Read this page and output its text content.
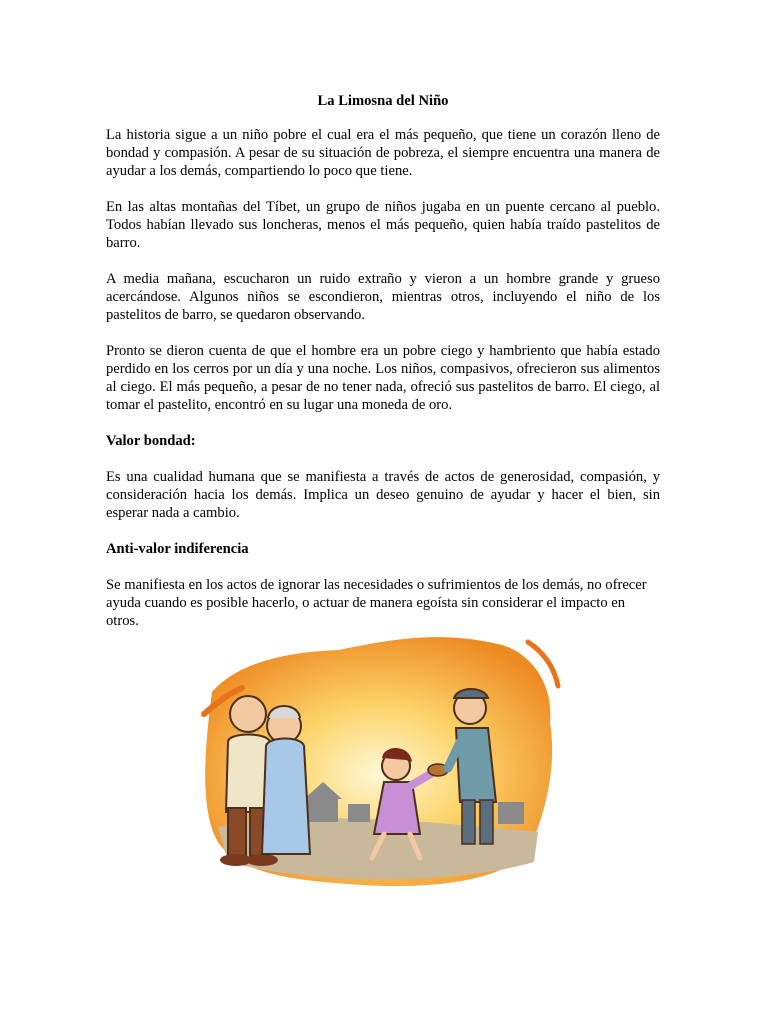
La Limosna del Niño

La historia sigue a un niño pobre el cual era el más pequeño, que tiene un corazón lleno de bondad y compasión. A pesar de su situación de pobreza, el siempre encuentra una manera de ayudar a los demás, compartiendo lo poco que tiene.

En las altas montañas del Tíbet, un grupo de niños jugaba en un puente cercano al pueblo. Todos habían llevado sus loncheras, menos el más pequeño, quien había traído pastelitos de barro.

A media mañana, escucharon un ruido extraño y vieron a un hombre grande y grueso acercándose. Algunos niños se escondieron, mientras otros, incluyendo el niño de los pastelitos de barro, se quedaron observando.

Pronto se dieron cuenta de que el hombre era un pobre ciego y hambriento que había estado perdido en los cerros por un día y una noche. Los niños, compasivos, ofrecieron sus alimentos al ciego. El más pequeño, a pesar de no tener nada, ofreció sus pastelitos de barro. El ciego, al tomar el pastelito, encontró en su lugar una moneda de oro.

Valor bondad:

Es una cualidad humana que se manifiesta a través de actos de generosidad, compasión, y consideración hacia los demás. Implica un deseo genuino de ayudar y hacer el bien, sin esperar nada a cambio.

Anti-valor indiferencia

Se manifiesta en los actos de ignorar las necesidades o sufrimientos de los demás, no ofrecer ayuda cuando es posible hacerlo, o actuar de manera egoísta sin considerar el impacto en otros.
